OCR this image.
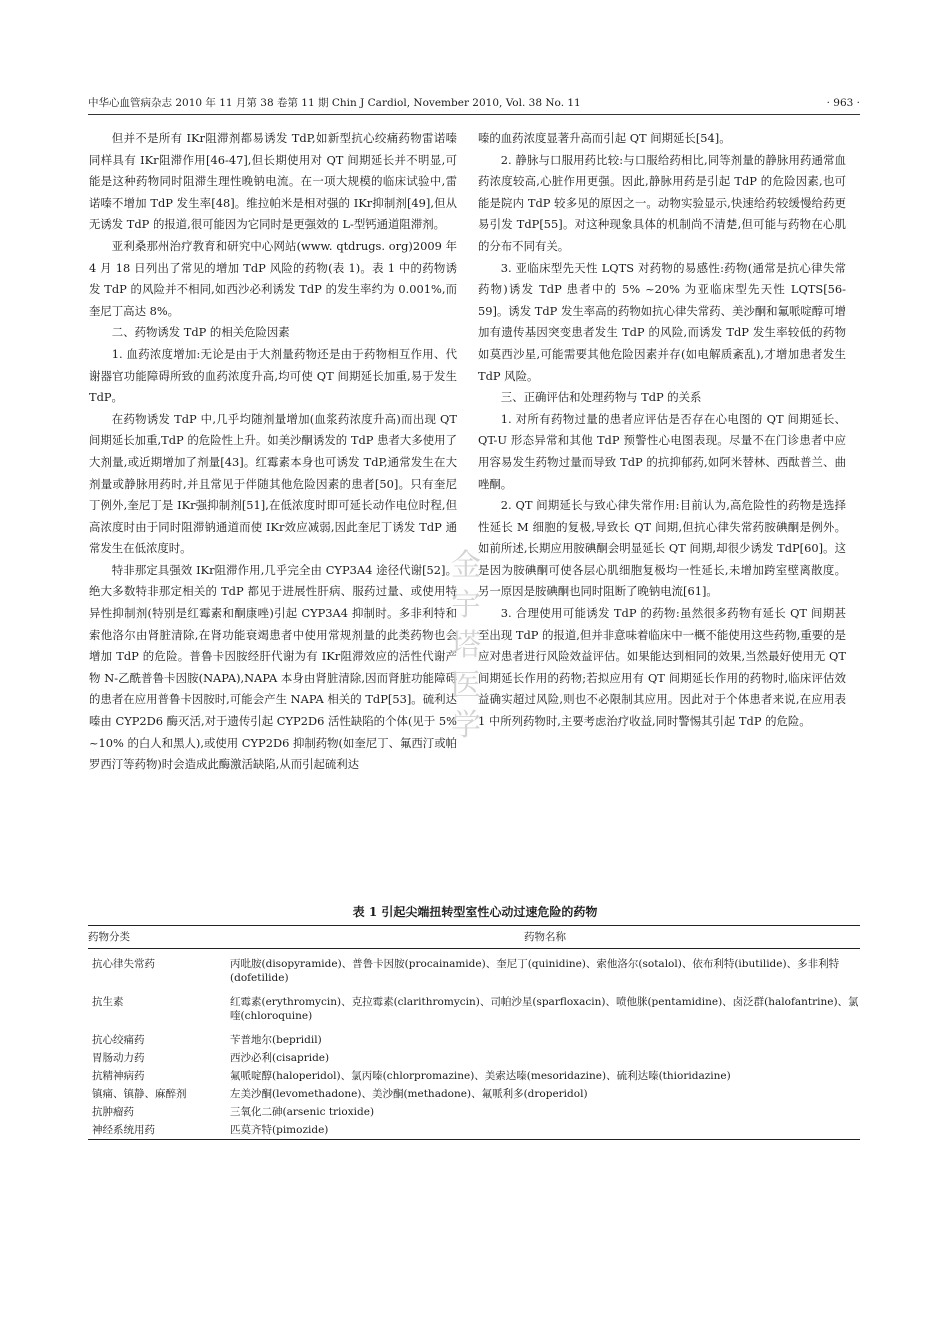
中华心血管病杂志 2010 年 11 月第 38 卷第 11 期 Chin J Cardiol, November 2010, Vol. 38 No. 11	· 963 ·

但并不是所有 IKr阻滞剂都易诱发 TdP,如新型抗心绞痛药物雷诺嗪同样具有 IKr阻滞作用[46-47],但长期使用对 QT 间期延长并不明显,可能是这种药物同时阻滞生理性晚钠电流。在一项大规模的临床试验中,雷诺嗪不增加 TdP 发生率[48]。维拉帕米是相对强的 IKr抑制剂[49],但从无诱发 TdP 的报道,很可能因为它同时是更强效的 L-型钙通道阻滞剂。

亚利桑那州治疗教育和研究中心网站(www. qtdrugs. org)2009 年 4 月 18 日列出了常见的增加 TdP 风险的药物(表 1)。表 1 中的药物诱发 TdP 的风险并不相同,如西沙必利诱发 TdP 的发生率约为 0.001%,而奎尼丁高达 8%。

二、药物诱发 TdP 的相关危险因素

1. 血药浓度增加:无论是由于大剂量药物还是由于药物相互作用、代谢器官功能障碍所致的血药浓度升高,均可使 QT 间期延长加重,易于发生 TdP。

在药物诱发 TdP 中,几乎均随剂量增加(血浆药浓度升高)而出现 QT 间期延长加重,TdP 的危险性上升。如美沙酮诱发的 TdP 患者大多使用了大剂量,或近期增加了剂量[43]。红霉素本身也可诱发 TdP,通常发生在大剂量或静脉用药时,并且常见于伴随其他危险因素的患者[50]。只有奎尼丁例外,奎尼丁是 IKr强抑制剂[51],在低浓度时即可延长动作电位时程,但高浓度时由于同时阻滞钠通道而使 IKr效应减弱,因此奎尼丁诱发 TdP 通常发生在低浓度时。

特非那定具强效 IKr阻滞作用,几乎完全由 CYP3A4 途径代谢[52]。绝大多数特非那定相关的 TdP 都见于进展性肝病、服药过量、或使用特异性抑制剂(特别是红霉素和酮康唑)引起 CYP3A4 抑制时。多非利特和索他洛尔由肾脏清除,在肾功能衰竭患者中使用常规剂量的此类药物也会增加 TdP 的危险。普鲁卡因胺经肝代谢为有 IKr阻滞效应的活性代谢产物 N-乙酰普鲁卡因胺(NAPA),NAPA 本身由肾脏清除,因而肾脏功能障碍的患者在应用普鲁卡因胺时,可能会产生 NAPA 相关的 TdP[53]。硫利达嗪由 CYP2D6 酶灭活,对于遗传引起 CYP2D6 活性缺陷的个体(见于 5% ~10% 的白人和黑人),或使用 CYP2D6 抑制药物(如奎尼丁、氟西汀或帕罗西汀等药物)时会造成此酶激活缺陷,从而引起硫利达

嗪的血药浓度显著升高而引起 QT 间期延长[54]。

2. 静脉与口服用药比较:与口服给药相比,同等剂量的静脉用药通常血药浓度较高,心脏作用更强。因此,静脉用药是引起 TdP 的危险因素,也可能是院内 TdP 较多见的原因之一。动物实验显示,快速给药较缓慢给药更易引发 TdP[55]。对这种现象具体的机制尚不清楚,但可能与药物在心肌的分布不同有关。

3. 亚临床型先天性 LQTS 对药物的易感性:药物(通常是抗心律失常药物)诱发 TdP 患者中的 5% ~20% 为亚临床型先天性 LQTS[56-59]。诱发 TdP 发生率高的药物如抗心律失常药、美沙酮和氟哌啶醇可增加有遗传基因突变患者发生 TdP 的风险,而诱发 TdP 发生率较低的药物如莫西沙星,可能需要其他危险因素并存(如电解质紊乱),才增加患者发生 TdP 风险。

三、正确评估和处理药物与 TdP 的关系

1. 对所有药物过量的患者应评估是否存在心电图的 QT 间期延长、QT-U 形态异常和其他 TdP 预警性心电图表现。尽量不在门诊患者中应用容易发生药物过量而导致 TdP 的抗抑郁药,如阿米替林、西酞普兰、曲唑酮。

2. QT 间期延长与致心律失常作用:目前认为,高危险性的药物是选择性延长 M 细胞的复极,导致长 QT 间期,但抗心律失常药胺碘酮是例外。如前所述,长期应用胺碘酮会明显延长 QT 间期,却很少诱发 TdP[60]。这是因为胺碘酮可使各层心肌细胞复极均一性延长,未增加跨室壁离散度。另一原因是胺碘酮也同时阻断了晚钠电流[61]。

3. 合理使用可能诱发 TdP 的药物:虽然很多药物有延长 QT 间期甚至出现 TdP 的报道,但并非意味着临床中一概不能使用这些药物,重要的是应对患者进行风险效益评估。如果能达到相同的效果,当然最好使用无 QT 间期延长作用的药物;若拟应用有 QT 间期延长作用的药物时,临床评估效益确实超过风险,则也不必限制其应用。因此对于个体患者来说,在应用表 1 中所列药物时,主要考虑治疗收益,同时警惕其引起 TdP 的危险。

金
宇
塔
医
学
表 1 引起尖端扭转型室性心动过速危险的药物
药物分类	药物名称
抗心律失常药	丙吡胺(disopyramide)、普鲁卡因胺(procainamide)、奎尼丁(quinidine)、索他洛尔(sotalol)、依布利特(ibutilide)、多非利特(dofetilide)
抗生素	红霉素(erythromycin)、克拉霉素(clarithromycin)、司帕沙星(sparfloxacin)、喷他脒(pentamidine)、卤泛群(halofantrine)、氯喹(chloroquine)
抗心绞痛药	苄普地尔(bepridil)
胃肠动力药	西沙必利(cisapride)
抗精神病药	氟哌啶醇(haloperidol)、氯丙嗪(chlorpromazine)、美索达嗪(mesoridazine)、硫利达嗪(thioridazine)
镇痛、镇静、麻醉剂	左美沙酮(levomethadone)、美沙酮(methadone)、氟哌利多(droperidol)
抗肿瘤药	三氧化二砷(arsenic trioxide)
神经系统用药	匹莫齐特(pimozide)
